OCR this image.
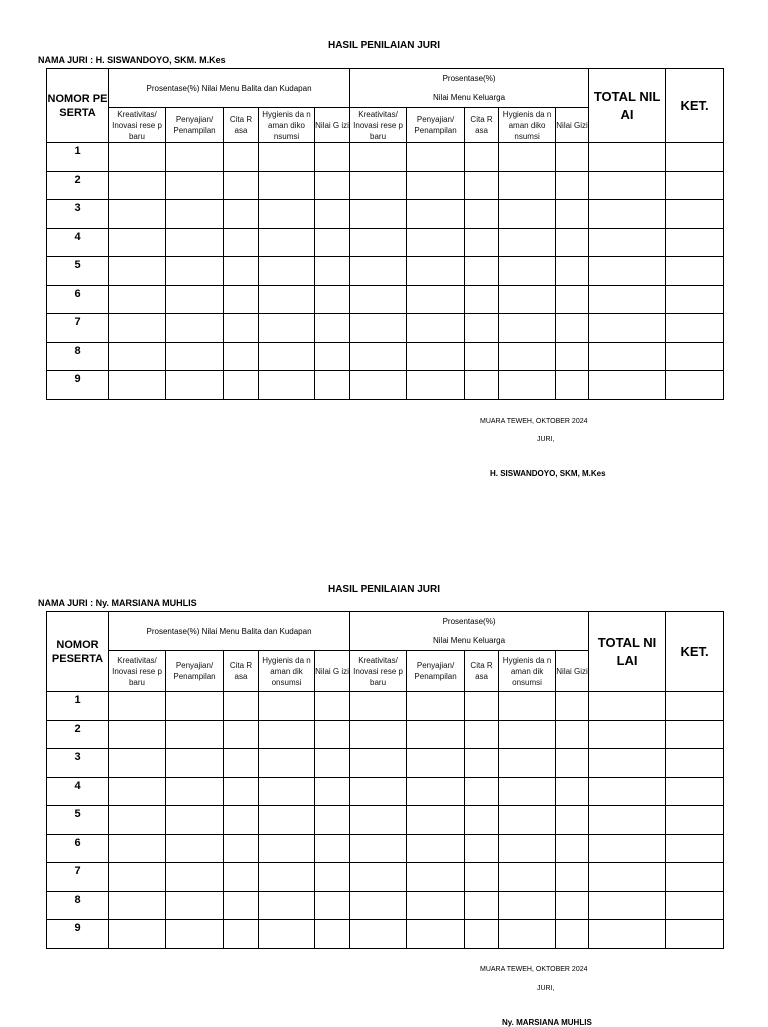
HASIL PENILAIAN JURI
NAMA JURI : H. SISWANDOYO, SKM. M.Kes
NOMOR PE SERTA	Prosentase(%) Nilai Menu Balita dan Kudapan					Prosentase(%)
Nilai Menu Keluarga					TOTAL NIL AI	KET.
	Kreativitas/ Inovasi rese p baru	Penyajian/ Penampilan	Cita R asa	Hygienis da n aman diko nsumsi	Nilai G izi	Kreativitas/ Inovasi rese p baru	Penyajian/ Penampilan	Cita R asa	Hygienis da n aman diko nsumsi	Nilai Gizi		
1												
2												
3												
4												
5												
6												
7												
8												
9												
MUARA TEWEH, OKTOBER 2024
JURI,
H. SISWANDOYO, SKM, M.Kes
HASIL PENILAIAN JURI
NAMA JURI : Ny. MARSIANA MUHLIS
NOMOR PESERTA	Prosentase(%) Nilai Menu Balita dan Kudapan					Prosentase(%)
Nilai Menu Keluarga					TOTAL NI LAI	KET.
	Kreativitas/ Inovasi rese p baru	Penyajian/ Penampilan	Cita R asa	Hygienis da n aman dik onsumsi	Nilai G izi	Kreativitas/ Inovasi rese p baru	Penyajian/ Penampilan	Cita R asa	Hygienis da n aman dik onsumsi	Nilai Gizi		
1												
2												
3												
4												
5												
6												
7												
8												
9												
MUARA TEWEH, OKTOBER 2024
JURI,
Ny. MARSIANA MUHLIS
